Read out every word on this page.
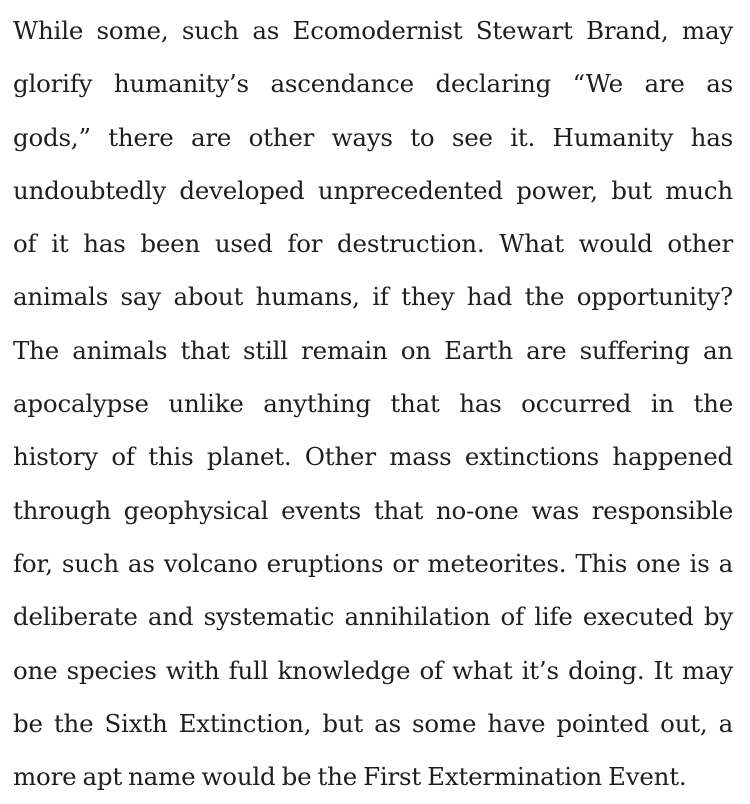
While some, such as Ecomodernist Stewart Brand, may
glorify humanity’s ascendance declaring “We are as
gods,” there are other ways to see it. Humanity has
undoubtedly developed unprecedented power, but much
of it has been used for destruction. What would other
animals say about humans, if they had the opportunity?
The animals that still remain on Earth are suffering an
apocalypse unlike anything that has occurred in the
history of this planet. Other mass extinctions happened
through geophysical events that no-one was responsible
for, such as volcano eruptions or meteorites. This one is a
deliberate and systematic annihilation of life executed by
one species with full knowledge of what it’s doing. It may
be the Sixth Extinction, but as some have pointed out, a
more apt name would be the First Extermination Event.
